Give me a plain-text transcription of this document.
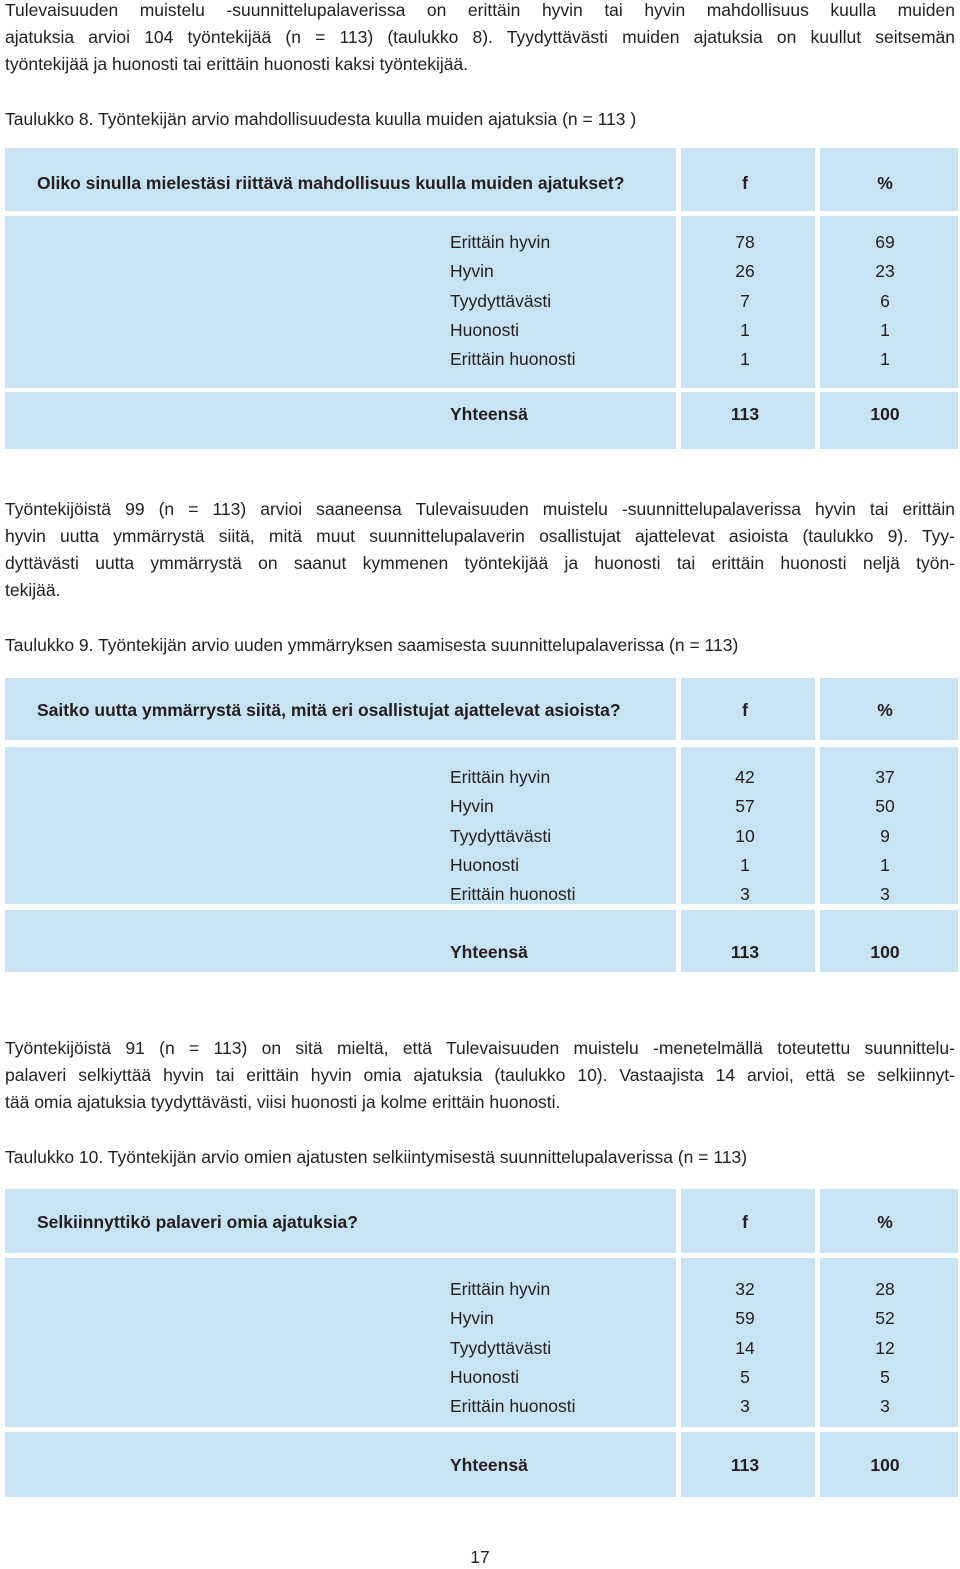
Tulevaisuuden muistelu -suunnittelupalaverissa on erittäin hyvin tai hyvin mahdollisuus kuulla muiden

ajatuksia arvioi 104 työntekijää (n = 113) (taulukko 8). Tyydyttävästi muiden ajatuksia on kuullut seitsemän

työntekijää ja huonosti tai erittäin huonosti kaksi työntekijää.

Taulukko 8. Työntekijän arvio mahdollisuudesta kuulla muiden ajatuksia (n = 113 )

Oliko sinulla mielestäsi riittävä mahdollisuus kuulla muiden ajatukset?	f	%
Erittäin hyvin	78	69
Hyvin	26	23
Tyydyttävästi	7	6
Huonosti	1	1
Erittäin huonosti	1	1
Yhteensä	113	100

Työntekijöistä 99 (n = 113) arvioi saaneensa Tulevaisuuden muistelu -suunnittelupalaverissa hyvin tai erittäin

hyvin uutta ymmärrystä siitä, mitä muut suunnittelupalaverin osallistujat ajattelevat asioista (taulukko 9). Tyy-

dyttävästi uutta ymmärrystä on saanut kymmenen työntekijää ja huonosti tai erittäin huonosti neljä työn-

tekijää.

Taulukko 9. Työntekijän arvio uuden ymmärryksen saamisesta suunnittelupalaverissa (n = 113)

Saitko uutta ymmärrystä siitä, mitä eri osallistujat ajattelevat asioista?	f	%
Erittäin hyvin	42	37
Hyvin	57	50
Tyydyttävästi	10	9
Huonosti	1	1
Erittäin huonosti	3	3
Yhteensä	113	100

Työntekijöistä 91 (n = 113) on sitä mieltä, että Tulevaisuuden muistelu -menetelmällä toteutettu suunnittelu-

palaveri selkiyttää hyvin tai erittäin hyvin omia ajatuksia (taulukko 10). Vastaajista 14 arvioi, että se selkiinnyt-

tää omia ajatuksia tyydyttävästi, viisi huonosti ja kolme erittäin huonosti.

Taulukko 10. Työntekijän arvio omien ajatusten selkiintymisestä suunnittelupalaverissa (n = 113)

Selkiinnyttikö palaveri omia ajatuksia?	f	%
Erittäin hyvin	32	28
Hyvin	59	52
Tyydyttävästi	14	12
Huonosti	5	5
Erittäin huonosti	3	3
Yhteensä	113	100
17
